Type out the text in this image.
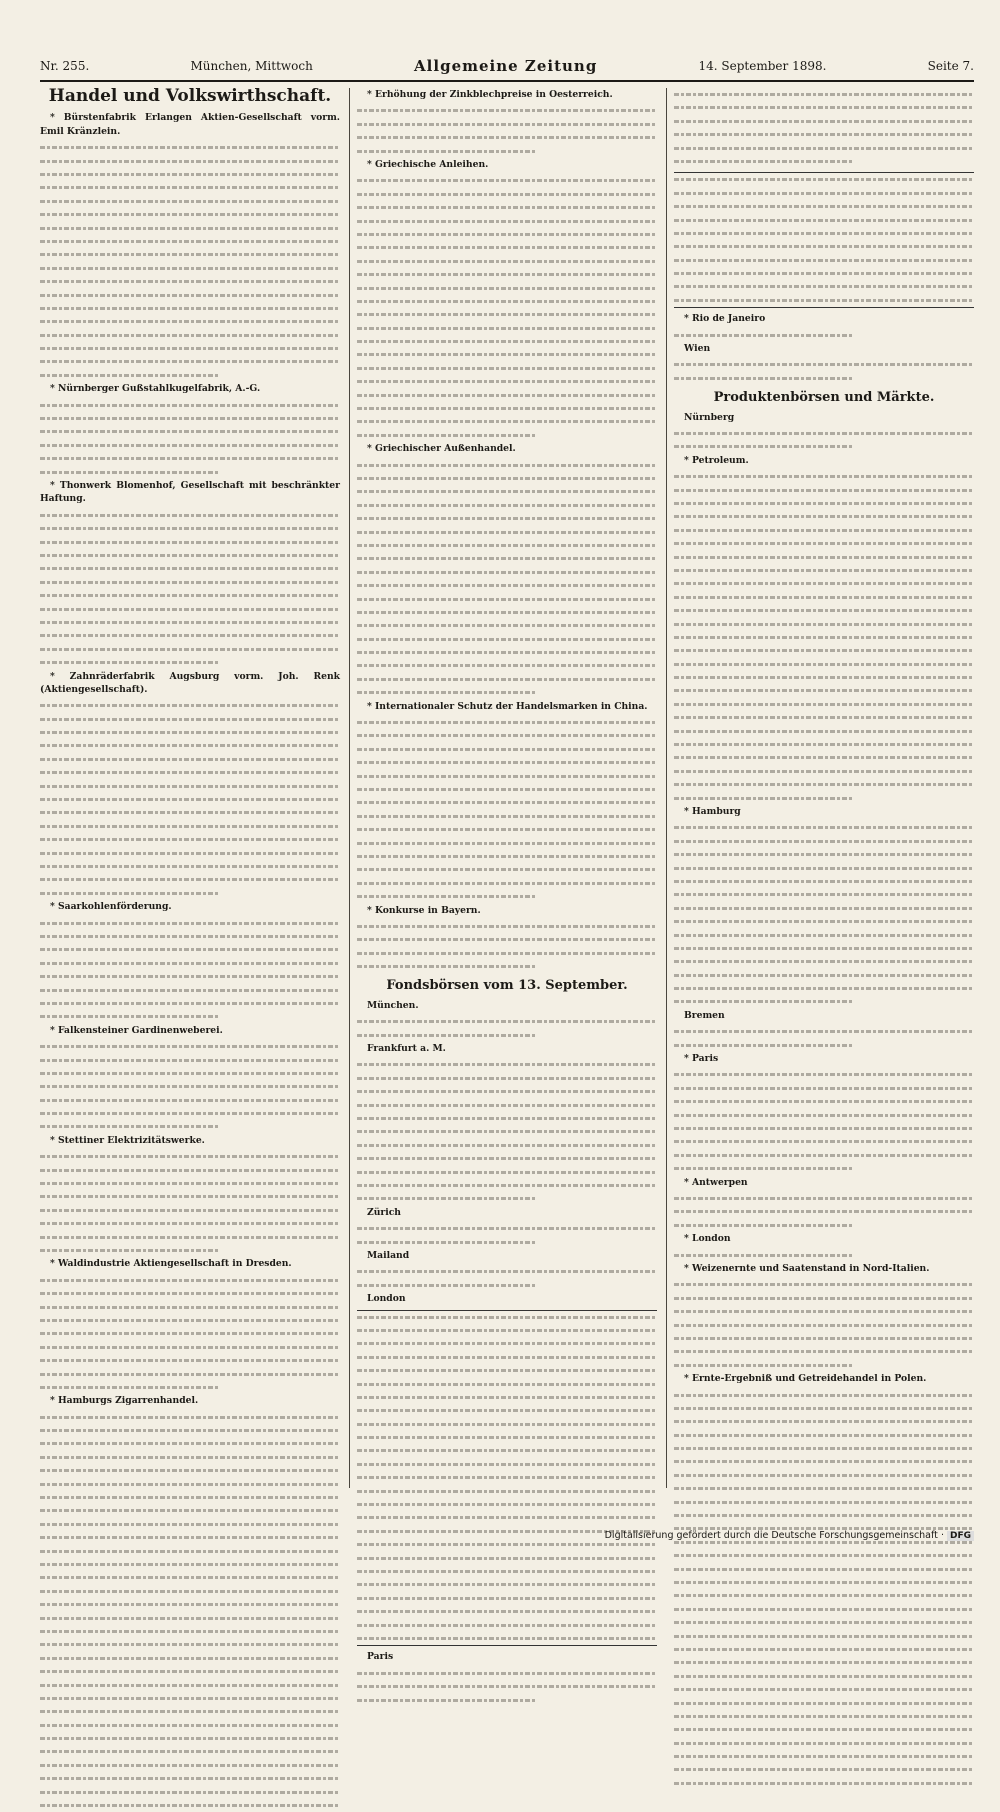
Nr. 255.	München, Mittwoch	Allgemeine Zeitung	14. September 1898.	Seite 7.
Handel und Volkswirthschaft.

* Bürstenfabrik Erlangen Aktien-Gesellschaft vorm. Emil Kränzlein.

* Nürnberger Gußstahlkugelfabrik, A.-G.

* Thonwerk Blomenhof, Gesellschaft mit beschränkter Haftung.

* Zahnräderfabrik Augsburg vorm. Joh. Renk (Aktiengesellschaft).

* Saarkohlenförderung.

* Falkensteiner Gardinenweberei.

* Stettiner Elektrizitätswerke.

* Waldindustrie Aktiengesellschaft in Dresden.

* Hamburgs Zigarrenhandel.

* Erhöhung der Zinkblechpreise in Oesterreich.

* Griechische Anleihen.

* Griechischer Außenhandel.

* Internationaler Schutz der Handelsmarken in China.

* Konkurse in Bayern.

Fondsbörsen vom 13. September.

München.

Frankfurt a. M.

Zürich

Mailand

London

Paris

* Rio de Janeiro

Wien

Produktenbörsen und Märkte.

Nürnberg

* Petroleum.

* Hamburg

Bremen

* Paris

* Antwerpen

* London

* Weizenernte und Saatenstand in Nord-Italien.

* Ernte-Ergebniß und Getreidehandel in Polen.

Digitalisierung gefördert durch die Deutsche Forschungsgemeinschaft · DFG
